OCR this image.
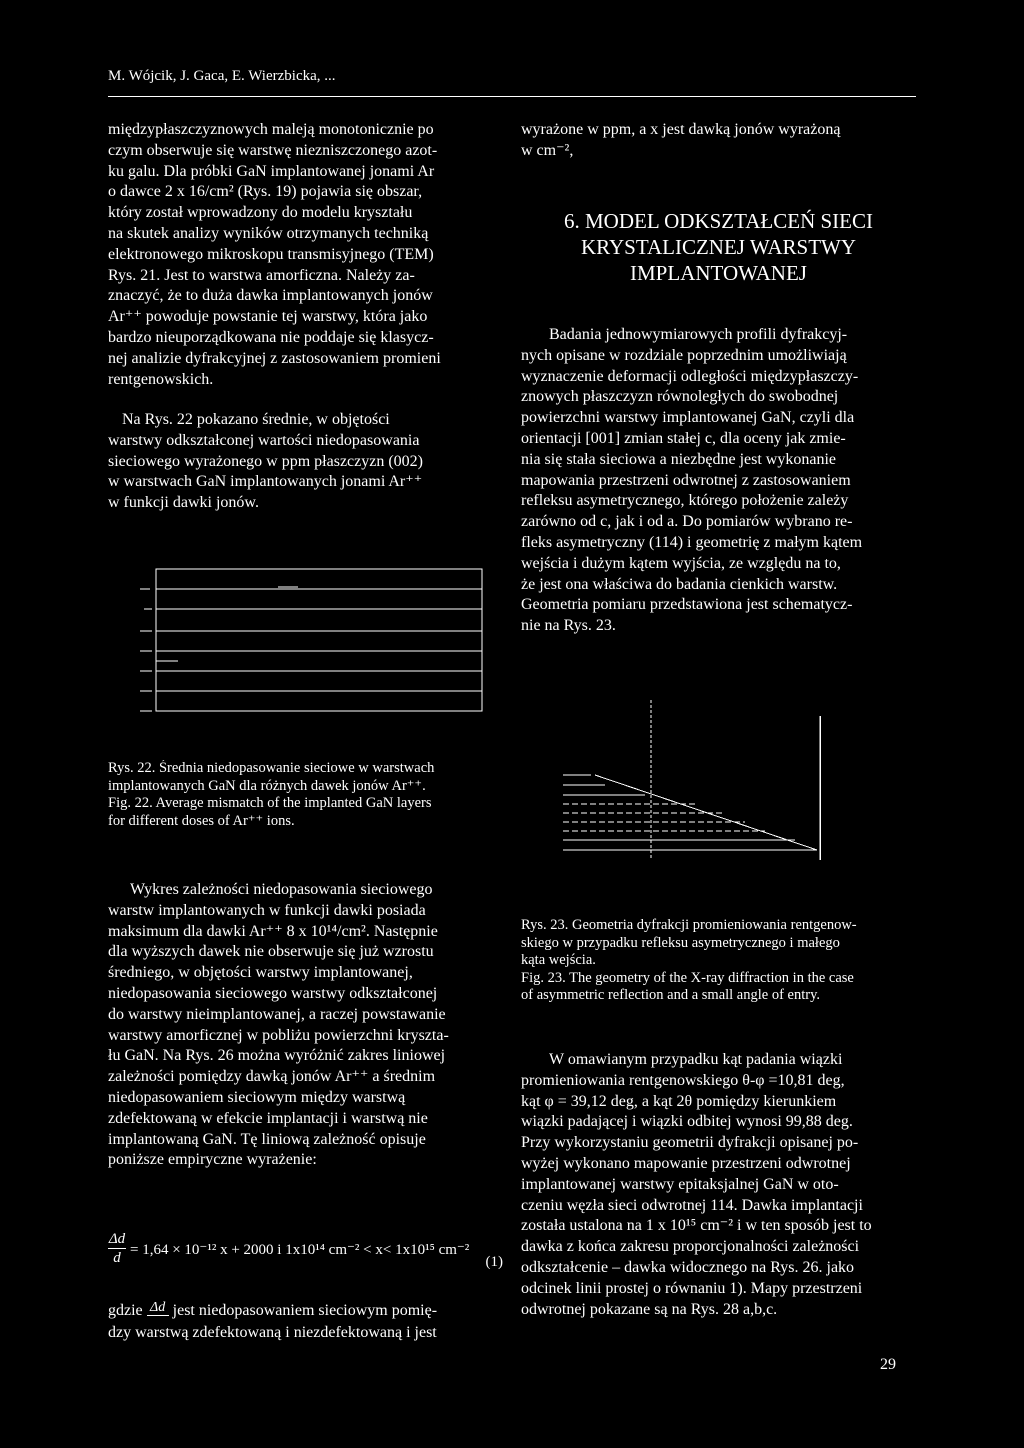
M. Wójcik, J. Gaca, E. Wierzbicka, ...
międzypłaszczyznowych maleją monotonicznie po
czym obserwuje się warstwę niezniszczonego azot-
ku galu. Dla próbki GaN implantowanej jonami Ar
o dawce 2 x 16/cm² (Rys. 19) pojawia się obszar,
który został wprowadzony do modelu kryształu
na skutek analizy wyników otrzymanych techniką
elektronowego mikroskopu transmisyjnego (TEM)
Rys. 21. Jest to warstwa amorficzna. Należy za-
znaczyć, że to duża dawka implantowanych jonów
Ar⁺⁺ powoduje powstanie tej warstwy, która jako
bardzo nieuporządkowana nie poddaje się klasycz-
nej analizie dyfrakcyjnej z zastosowaniem promieni
rentgenowskich.
Na Rys. 22 pokazano średnie, w objętości
warstwy odkształconej wartości niedopasowania
sieciowego wyrażonego w ppm płaszczyzn (002)
w warstwach GaN implantowanych jonami Ar⁺⁺
w funkcji dawki jonów.
Rys. 22. Średnia niedopasowanie sieciowe w warstwach
implantowanych GaN dla różnych dawek jonów Ar⁺⁺.
Fig. 22. Average mismatch of the implanted GaN layers
for different doses of Ar⁺⁺ ions.
Wykres zależności niedopasowania sieciowego
warstw implantowanych w funkcji dawki posiada
maksimum dla dawki Ar⁺⁺ 8 x 10¹⁴/cm². Następnie
dla wyższych dawek nie obserwuje się już wzrostu
średniego, w objętości warstwy implantowanej,
niedopasowania sieciowego warstwy odkształconej
do warstwy nieimplantowanej, a raczej powstawanie
warstwy amorficznej w pobliżu powierzchni kryszta-
łu GaN. Na Rys. 26 można wyróżnić zakres liniowej
zależności pomiędzy dawką jonów Ar⁺⁺ a średnim
niedopasowaniem sieciowym między warstwą
zdefektowaną w efekcie implantacji i warstwą nie
implantowaną GaN. Tę liniową zależność opisuje
poniższe empiryczne wyrażenie:
$\frac{\Delta d}{d} = 1,64 \times 10^{-12}$ x + 2000 i 1x10¹⁴ cm⁻² < x< 1x10¹⁵ cm⁻²
(1)
gdzie Δd jest niedopasowaniem sieciowym pomię-
dzy warstwą zdefektowaną i niezdefektowaną i jest
wyrażone w ppm, a x jest dawką jonów wyrażoną
w cm⁻²,
6. MODEL ODKSZTAŁCEŃ SIECI
KRYSTALICZNEJ WARSTWY
IMPLANTOWANEJ
Badania jednowymiarowych profili dyfrakcyj-
nych opisane w rozdziale poprzednim umożliwiają
wyznaczenie deformacji odległości międzypłaszczy-
znowych płaszczyzn równoległych do swobodnej
powierzchni warstwy implantowanej GaN, czyli dla
orientacji [001] zmian stałej c, dla oceny jak zmie-
nia się stała sieciowa a niezbędne jest wykonanie
mapowania przestrzeni odwrotnej z zastosowaniem
refleksu asymetrycznego, którego położenie zależy
zarówno od c, jak i od a. Do pomiarów wybrano re-
fleks asymetryczny (114) i geometrię z małym kątem
wejścia i dużym kątem wyjścia, ze względu na to,
że jest ona właściwa do badania cienkich warstw.
Geometria pomiaru przedstawiona jest schematycz-
nie na Rys. 23.
Rys. 23. Geometria dyfrakcji promieniowania rentgenow-
skiego w przypadku refleksu asymetrycznego i małego
kąta wejścia.
Fig. 23. The geometry of the X-ray diffraction in the case
of asymmetric reflection and a small angle of entry.
W omawianym przypadku kąt padania wiązki
promieniowania rentgenowskiego θ-φ =10,81 deg,
kąt φ = 39,12 deg, a kąt 2θ pomiędzy kierunkiem
wiązki padającej i wiązki odbitej wynosi 99,88 deg.
Przy wykorzystaniu geometrii dyfrakcji opisanej po-
wyżej wykonano mapowanie przestrzeni odwrotnej
implantowanej warstwy epitaksjalnej GaN w oto-
czeniu węzła sieci odwrotnej 114. Dawka implantacji
została ustalona na 1 x 10¹⁵ cm⁻² i w ten sposób jest to
dawka z końca zakresu proporcjonalności zależności
odkształcenie – dawka widocznego na Rys. 26. jako
odcinek linii prostej o równaniu 1). Mapy przestrzeni
odwrotnej pokazane są na Rys. 28 a,b,c.
29
